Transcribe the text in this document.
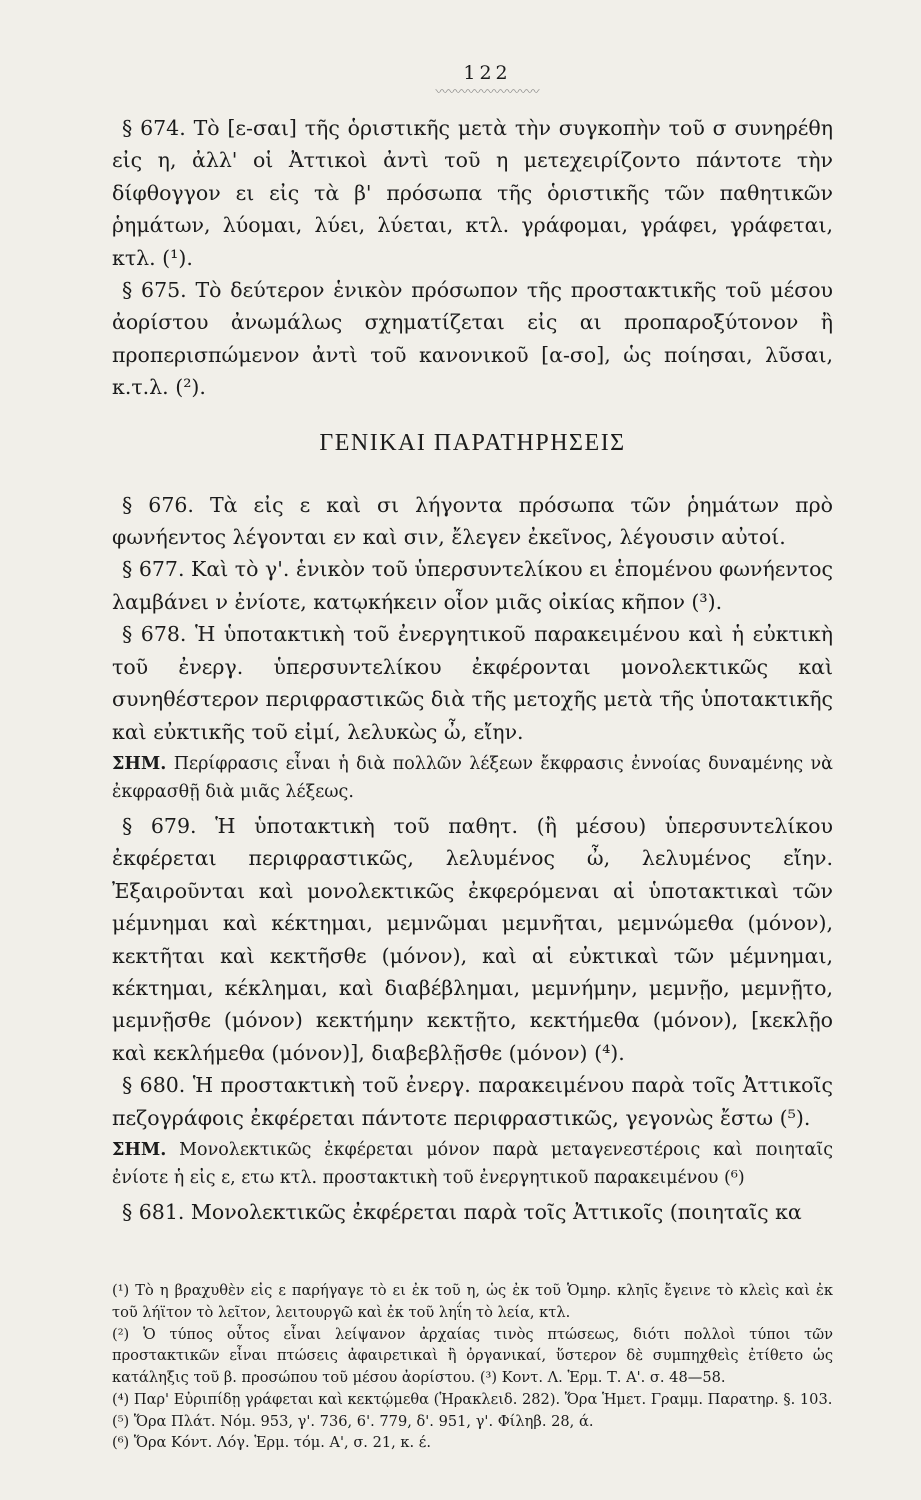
122
〰〰〰〰〰〰〰〰

§ 674. Τὸ [ε-σαι] τῆς ὁριστικῆς μετὰ τὴν συγκοπὴν τοῦ σ συνηρέθη εἰς η, ἀλλ' οἱ Ἀττικοὶ ἀντὶ τοῦ η μετεχειρίζοντο πάντοτε τὴν δίφθογγον ει εἰς τὰ β' πρόσωπα τῆς ὁριστικῆς τῶν παθητικῶν ῥημάτων, λύομαι, λύει, λύεται, κτλ. γράφομαι, γράφει, γράφεται, κτλ. (¹).

§ 675. Τὸ δεύτερον ἑνικὸν πρόσωπον τῆς προστακτικῆς τοῦ μέσου ἀορίστου ἀνωμάλως σχηματίζεται εἰς αι προπαροξύτονον ἢ προπερισπώμενον ἀντὶ τοῦ κανονικοῦ [α-σο], ὡς ποίησαι, λῦσαι, κ.τ.λ. (²).

ΓΕΝΙΚΑΙ ΠΑΡΑΤΗΡΗΣΕΙΣ

§ 676. Τὰ εἰς ε καὶ σι λήγοντα πρόσωπα τῶν ῥημάτων πρὸ φωνήεντος λέγονται εν καὶ σιν, ἔλεγεν ἐκεῖνος, λέγουσιν αὐτοί.

§ 677. Καὶ τὸ γ'. ἑνικὸν τοῦ ὑπερσυντελίκου ει ἑπομένου φωνήεντος λαμβάνει ν ἐνίοτε, κατῳκήκειν οἷον μιᾶς οἰκίας κῆπον (³).

§ 678. Ἡ ὑποτακτικὴ τοῦ ἐνεργητικοῦ παρακειμένου καὶ ἡ εὐκτικὴ τοῦ ἐνεργ. ὑπερσυντελίκου ἐκφέρονται μονολεκτικῶς καὶ συνηθέστερον περιφραστικῶς διὰ τῆς μετοχῆς μετὰ τῆς ὑποτακτικῆς καὶ εὐκτικῆς τοῦ εἰμί, λελυκὼς ὦ, εἴην.

ΣΗΜ. Περίφρασις εἶναι ἡ διὰ πολλῶν λέξεων ἔκφρασις ἐννοίας δυναμένης νὰ ἐκφρασθῇ διὰ μιᾶς λέξεως.

§ 679. Ἡ ὑποτακτικὴ τοῦ παθητ. (ἢ μέσου) ὑπερσυντελίκου ἐκφέρεται περιφραστικῶς, λελυμένος ὦ, λελυμένος εἴην. Ἐξαιροῦνται καὶ μονολεκτικῶς ἐκφερόμεναι αἱ ὑποτακτικαὶ τῶν μέμνημαι καὶ κέκτημαι, μεμνῶμαι μεμνῆται, μεμνώμεθα (μόνον), κεκτῆται καὶ κεκτῆσθε (μόνον), καὶ αἱ εὐκτικαὶ τῶν μέμνημαι, κέκτημαι, κέκλημαι, καὶ διαβέβλημαι, μεμνήμην, μεμνῇο, μεμνῇτο, μεμνῇσθε (μόνον) κεκτήμην κεκτῇτο, κεκτήμεθα (μόνον), [κεκλῇο καὶ κεκλήμεθα (μόνον)], διαβεβλῇσθε (μόνον) (⁴).

§ 680. Ἡ προστακτικὴ τοῦ ἐνεργ. παρακειμένου παρὰ τοῖς Ἀττικοῖς πεζογράφοις ἐκφέρεται πάντοτε περιφραστικῶς, γεγονὼς ἔστω (⁵).

ΣΗΜ. Μονολεκτικῶς ἐκφέρεται μόνον παρὰ μεταγενεστέροις καὶ ποιηταῖς ἐνίοτε ἡ εἰς ε, ετω κτλ. προστακτικὴ τοῦ ἐνεργητικοῦ παρακειμένου (⁶)

§ 681. Μονολεκτικῶς ἐκφέρεται παρὰ τοῖς Ἀττικοῖς (ποιηταῖς κα

(¹) Τὸ η βραχυθὲν εἰς ε παρήγαγε τὸ ει ἐκ τοῦ η, ὡς ἐκ τοῦ Ὁμηρ. κληῖς ἔγεινε τὸ κλεὶς καὶ ἐκ τοῦ λήϊτον τὸ λεῖτον, λειτουργῶ καὶ ἐκ τοῦ ληΐη τὸ λεία, κτλ.

(²) Ὁ τύπος οὗτος εἶναι λείψανον ἀρχαίας τινὸς πτώσεως, διότι πολλοὶ τύποι τῶν προστακτικῶν εἶναι πτώσεις ἀφαιρετικαὶ ἢ ὀργανικαί, ὕστερον δὲ συμπηχθεὶς ἐτίθετο ὡς κατάληξις τοῦ β. προσώπου τοῦ μέσου ἀορίστου. (³) Κοντ. Λ. Ἑρμ. Τ. Α'. σ. 48—58.

(⁴) Παρ' Εὐριπίδῃ γράφεται καὶ κεκτῴμεθα (Ἡρακλειδ. 282). Ὅρα Ἡμετ. Γραμμ. Παρατηρ. §. 103.

(⁵) Ὅρα Πλάτ. Νόμ. 953, γ'. 736, 6'. 779, δ'. 951, γ'. Φίληβ. 28, ά.

(⁶) Ὅρα Κόντ. Λόγ. Ἑρμ. τόμ. Α', σ. 21, κ. έ.
